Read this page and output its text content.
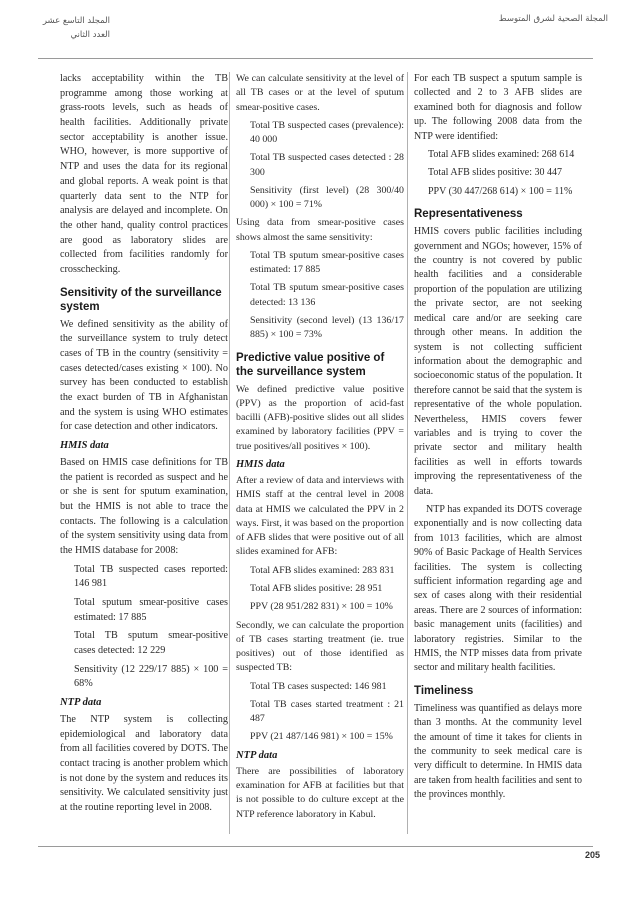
المجلد التاسع عشر
العدد الثاني
المجلة الصحية لشرق المتوسط

lacks acceptability within the TB programme among those working at grass-roots levels, such as heads of health facilities. Additionally private sector acceptability is another issue. WHO, however, is more supportive of NTP and uses the data for its regional and global reports. A weak point is that quarterly data sent to the NTP for analysis are delayed and incomplete. On the other hand, quality control practices are good as laboratory slides are collected from facilities randomly for crosschecking.

Sensitivity of the surveillance system

We defined sensitivity as the ability of the surveillance system to truly detect cases of TB in the country (sensitivity = cases detected/cases existing × 100). No survey has been conducted to establish the exact burden of TB in Afghanistan and the system is using WHO estimates for case detection and other indicators.

HMIS data

Based on HMIS case definitions for TB the patient is recorded as suspect and he or she is sent for sputum examination, but the HMIS is not able to trace the contacts. The following is a calculation of the system sensitivity using data from the HMIS database for 2008:

Total TB suspected cases reported: 146 981

Total sputum smear-positive cases estimated: 17 885

Total TB sputum smear-positive cases detected: 12 229

Sensitivity (12 229/17 885) × 100 = 68%

NTP data

The NTP system is collecting epidemiological and laboratory data from all facilities covered by DOTS. The contact tracing is another problem which is not done by the system and reduces its sensitivity. We calculated sensitivity just at the routine reporting level in 2008.

We can calculate sensitivity at the level of all TB cases or at the level of sputum smear-positive cases.

Total TB suspected cases (prevalence): 40 000

Total TB suspected cases detected : 28 300

Sensitivity (first level) (28 300/40 000) × 100 = 71%

Using data from smear-positive cases shows almost the same sensitivity:

Total TB sputum smear-positive cases estimated: 17 885

Total TB sputum smear-positive cases detected: 13 136

Sensitivity (second level) (13 136/17 885) × 100 = 73%

Predictive value positive of the surveillance system

We defined predictive value positive (PPV) as the proportion of acid-fast bacilli (AFB)-positive slides out all slides examined by laboratory facilities (PPV = true positives/all positives × 100).

HMIS data

After a review of data and interviews with HMIS staff at the central level in 2008 data at HMIS we calculated the PPV in 2 ways. First, it was based on the proportion of AFB slides that were positive out of all slides examined for AFB:

Total AFB slides examined: 283 831

Total AFB slides positive: 28 951

PPV (28 951/282 831) × 100 = 10%

Secondly, we can calculate the proportion of TB cases starting treatment (ie. true positives) out of those identified as suspected TB:

Total TB cases suspected: 146 981

Total TB cases started treatment : 21 487

PPV (21 487/146 981) × 100 = 15%

NTP data

There are possibilities of laboratory examination for AFB at facilities but that is not possible to do culture except at the NTP reference laboratory in Kabul.

For each TB suspect a sputum sample is collected and 2 to 3 AFB slides are examined both for diagnosis and follow up. The following 2008 data from the NTP were identified:

Total AFB slides examined: 268 614

Total AFB slides positive: 30 447

PPV (30 447/268 614) × 100 = 11%

Representativeness

HMIS covers public facilities including government and NGOs; however, 15% of the country is not covered by public health facilities and a considerable proportion of the population are utilizing the private sector, are not seeking medical care and/or are seeking care through other means. In addition the system is not collecting sufficient information about the demographic and socioeconomic status of the population. It therefore cannot be said that the system is representative of the whole population. Nevertheless, HMIS covers fewer variables and is trying to cover the private sector and military health facilities as well in efforts towards improving the representativeness of the data.

NTP has expanded its DOTS coverage exponentially and is now collecting data from 1013 facilities, which are almost 90% of Basic Package of Health Services facilities. The system is collecting sufficient information regarding age and sex of cases along with their residential areas. There are 2 sources of information: basic management units (facilities) and laboratory registries. Similar to the HMIS, the NTP misses data from private sector and military health facilities.

Timeliness

Timeliness was quantified as delays more than 3 months. At the community level the amount of time it takes for clients in the community to seek medical care is very difficult to determine. In HMIS data are taken from health facilities and sent to the provinces monthly.

205
